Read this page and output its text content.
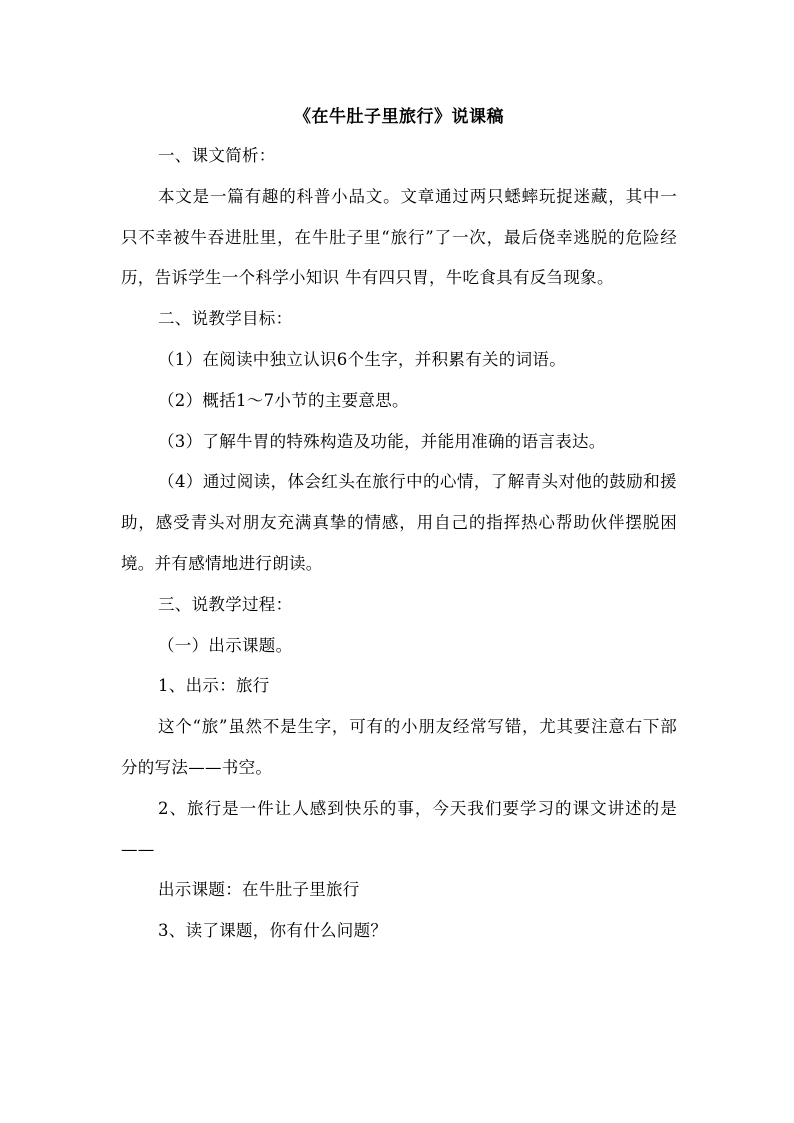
《在牛肚子里旅行》说课稿

一、课文简析：

本文是一篇有趣的科普小品文。文章通过两只蟋蟀玩捉迷藏，其中一只不幸被牛吞进肚里，在牛肚子里“旅行”了一次，最后侥幸逃脱的危险经历，告诉学生一个科学小知识 牛有四只胃，牛吃食具有反刍现象。

二、说教学目标：

（1）在阅读中独立认识6个生字，并积累有关的词语。

（2）概括1～7小节的主要意思。

（3）了解牛胃的特殊构造及功能，并能用准确的语言表达。

（4）通过阅读，体会红头在旅行中的心情，了解青头对他的鼓励和援助，感受青头对朋友充满真挚的情感，用自己的指挥热心帮助伙伴摆脱困境。并有感情地进行朗读。

三、说教学过程：

（一）出示课题。

1、出示：旅行

这个“旅”虽然不是生字，可有的小朋友经常写错，尤其要注意右下部分的写法——书空。

2、旅行是一件让人感到快乐的事，今天我们要学习的课文讲述的是——

出示课题：在牛肚子里旅行

3、读了课题，你有什么问题？
